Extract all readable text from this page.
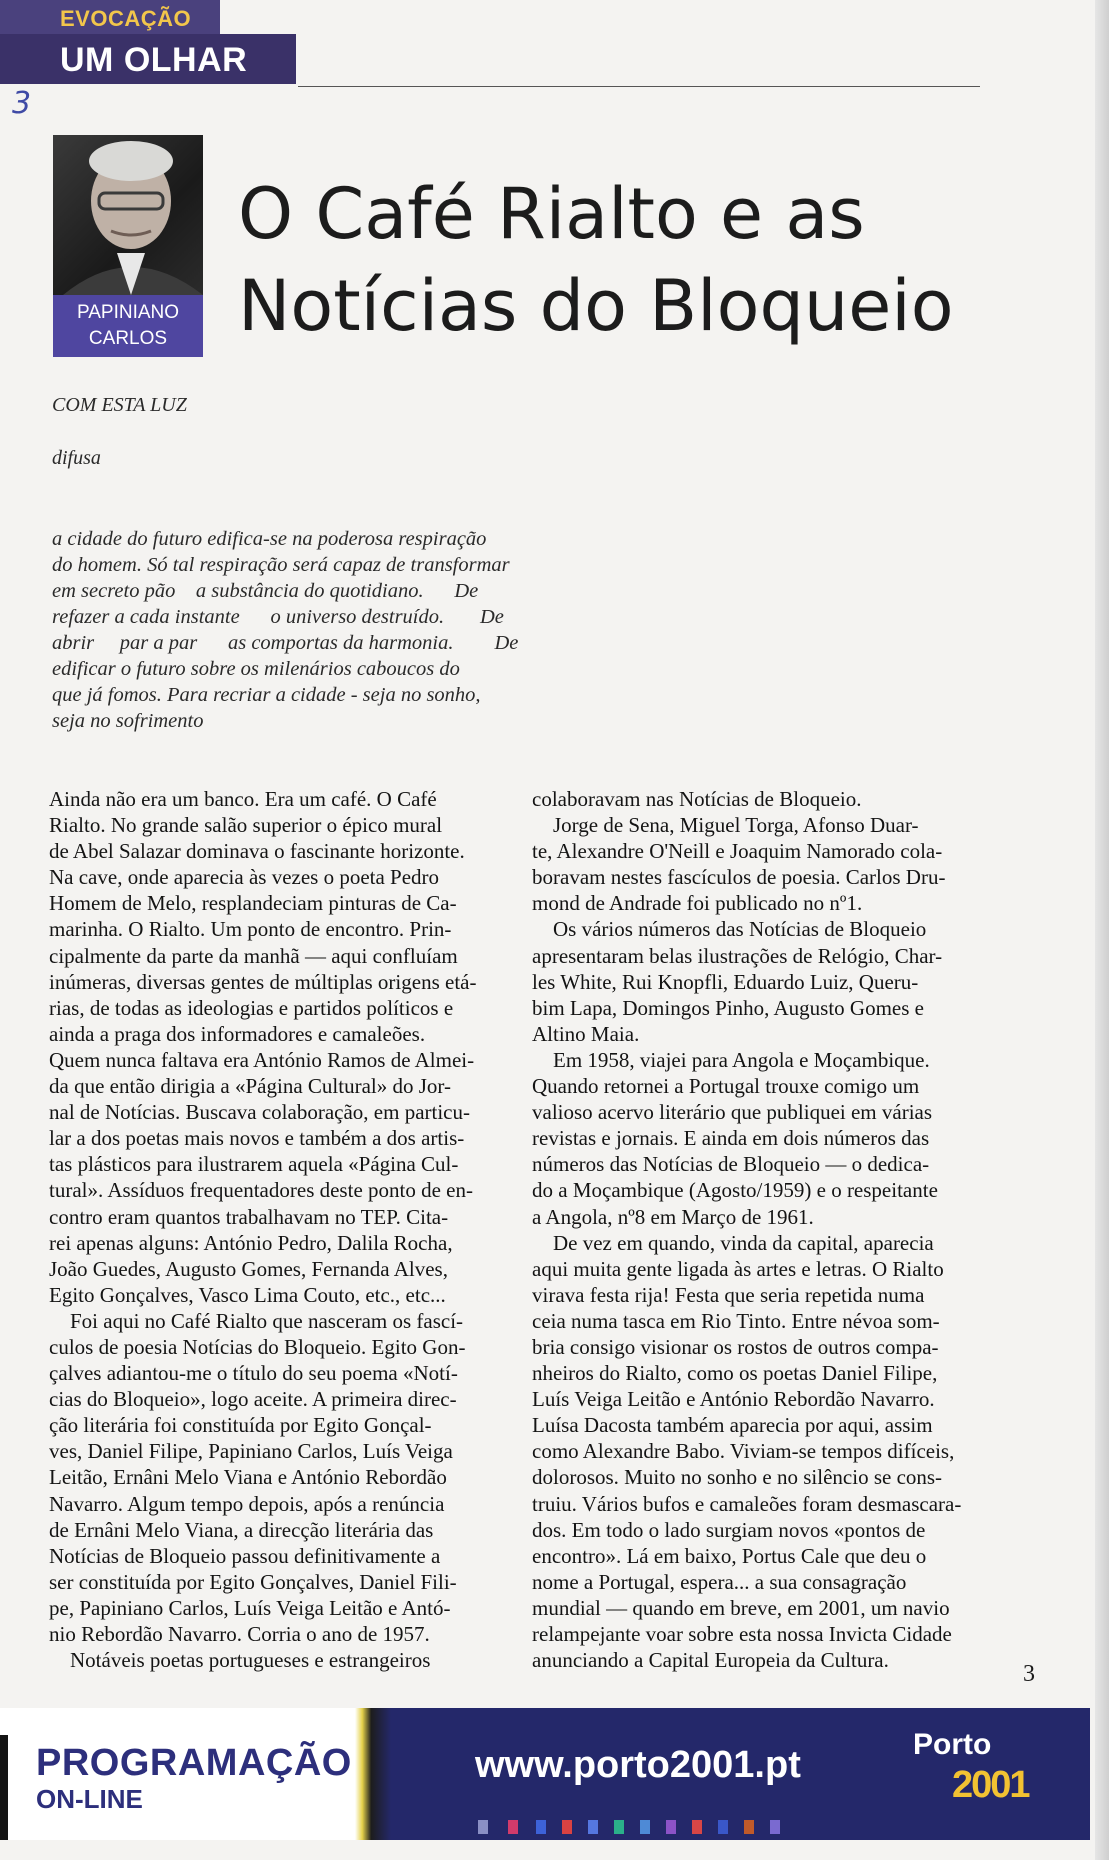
EVOCAÇÃO
UM OLHAR
3
PAPINIANO
CARLOS
O Café Rialto e as
Notícias do Bloqueio
COM ESTA LUZ
difusa
a cidade do futuro edifica-se na poderosa respiração
do homem. Só tal respiração será capaz de transformar
em secreto pão    a substância do quotidiano.      De
refazer a cada instante      o universo destruído.       De
abrir     par a par      as comportas da harmonia.        De
edificar o futuro sobre os milenários caboucos do
que já fomos. Para recriar a cidade - seja no sonho,
seja no sofrimento
Ainda não era um banco. Era um café. O Café
Rialto. No grande salão superior o épico mural
de Abel Salazar dominava o fascinante horizonte.
Na cave, onde aparecia às vezes o poeta Pedro
Homem de Melo, resplandeciam pinturas de Ca-
marinha. O Rialto. Um ponto de encontro. Prin-
cipalmente da parte da manhã — aqui confluíam
inúmeras, diversas gentes de múltiplas origens etá-
rias, de todas as ideologias e partidos políticos e
ainda a praga dos informadores e camaleões.
Quem nunca faltava era António Ramos de Almei-
da que então dirigia a «Página Cultural» do Jor-
nal de Notícias. Buscava colaboração, em particu-
lar a dos poetas mais novos e também a dos artis-
tas plásticos para ilustrarem aquela «Página Cul-
tural». Assíduos frequentadores deste ponto de en-
contro eram quantos trabalhavam no TEP. Cita-
rei apenas alguns: António Pedro, Dalila Rocha,
João Guedes, Augusto Gomes, Fernanda Alves,
Egito Gonçalves, Vasco Lima Couto, etc., etc...
Foi aqui no Café Rialto que nasceram os fascí-
culos de poesia Notícias do Bloqueio. Egito Gon-
çalves adiantou-me o título do seu poema «Notí-
cias do Bloqueio», logo aceite. A primeira direc-
ção literária foi constituída por Egito Gonçal-
ves, Daniel Filipe, Papiniano Carlos, Luís Veiga
Leitão, Ernâni Melo Viana e António Rebordão
Navarro. Algum tempo depois, após a renúncia
de Ernâni Melo Viana, a direcção literária das
Notícias de Bloqueio passou definitivamente a
ser constituída por Egito Gonçalves, Daniel Fili-
pe, Papiniano Carlos, Luís Veiga Leitão e Antó-
nio Rebordão Navarro. Corria o ano de 1957.
Notáveis poetas portugueses e estrangeiros
colaboravam nas Notícias de Bloqueio.
Jorge de Sena, Miguel Torga, Afonso Duar-
te, Alexandre O'Neill e Joaquim Namorado cola-
boravam nestes fascículos de poesia. Carlos Dru-
mond de Andrade foi publicado no nº1.
Os vários números das Notícias de Bloqueio
apresentaram belas ilustrações de Relógio, Char-
les White, Rui Knopfli, Eduardo Luiz, Queru-
bim Lapa, Domingos Pinho, Augusto Gomes e
Altino Maia.
Em 1958, viajei para Angola e Moçambique.
Quando retornei a Portugal trouxe comigo um
valioso acervo literário que publiquei em várias
revistas e jornais. E ainda em dois números das
números das Notícias de Bloqueio — o dedica-
do a Moçambique (Agosto/1959) e o respeitante
a Angola, nº8 em Março de 1961.
De vez em quando, vinda da capital, aparecia
aqui muita gente ligada às artes e letras. O Rialto
virava festa rija! Festa que seria repetida numa
ceia numa tasca em Rio Tinto. Entre névoa som-
bria consigo visionar os rostos de outros compa-
nheiros do Rialto, como os poetas Daniel Filipe,
Luís Veiga Leitão e António Rebordão Navarro.
Luísa Dacosta também aparecia por aqui, assim
como Alexandre Babo. Viviam-se tempos difíceis,
dolorosos. Muito no sonho e no silêncio se cons-
truiu. Vários bufos e camaleões foram desmascara-
dos. Em todo o lado surgiam novos «pontos de
encontro». Lá em baixo, Portus Cale que deu o
nome a Portugal, espera... a sua consagração
mundial — quando em breve, em 2001, um navio
relampejante voar sobre esta nossa Invicta Cidade
anunciando a Capital Europeia da Cultura.
3
PROGRAMAÇÃO
ON-LINE
www.porto2001.pt	Porto
2001
